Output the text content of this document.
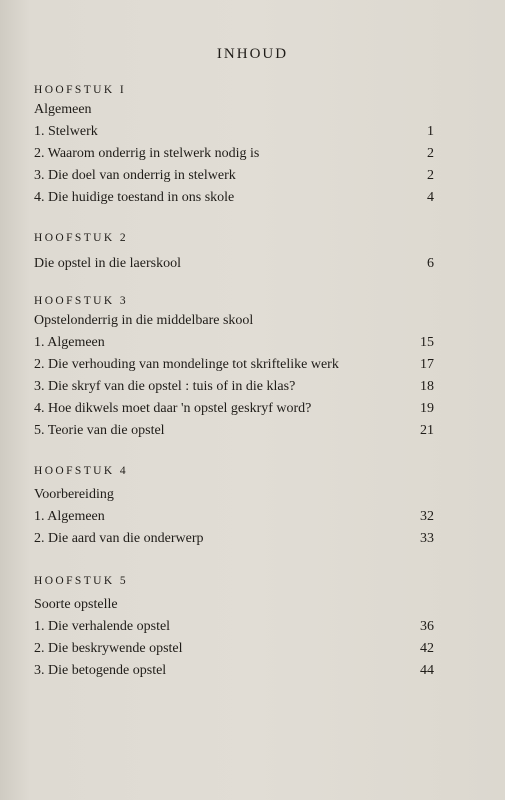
INHOUD
HOOFSTUK I
Algemeen
1. Stelwerk	1
2. Waarom onderrig in stelwerk nodig is	2
3. Die doel van onderrig in stelwerk	2
4. Die huidige toestand in ons skole	4
HOOFSTUK 2
Die opstel in die laerskool	6
HOOFSTUK 3
Opstelonderrig in die middelbare skool
1. Algemeen	15
2. Die verhouding van mondelinge tot skriftelike werk	17
3. Die skryf van die opstel : tuis of in die klas?	18
4. Hoe dikwels moet daar 'n opstel geskryf word?	19
5. Teorie van die opstel	21
HOOFSTUK 4
Voorbereiding
1. Algemeen	32
2. Die aard van die onderwerp	33
HOOFSTUK 5
Soorte opstelle
1. Die verhalende opstel	36
2. Die beskrywende opstel	42
3. Die betogende opstel	44
